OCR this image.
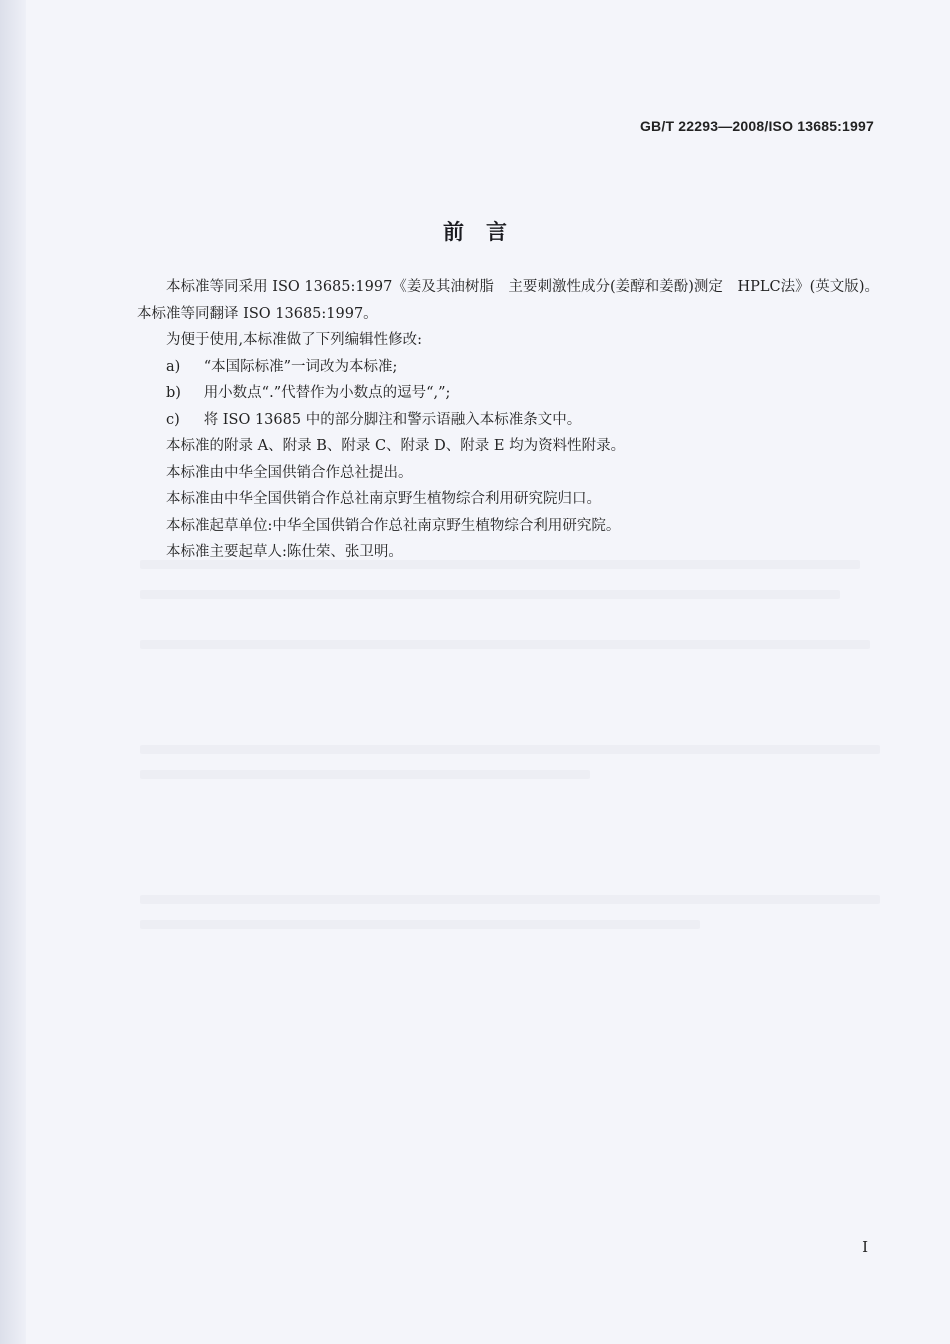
GB/T 22293—2008/ISO 13685:1997
前言

本标准等同采用 ISO 13685:1997《姜及其油树脂　主要刺激性成分(姜醇和姜酚)测定　HPLC法》(英文版)。本标准等同翻译 ISO 13685:1997。

为便于使用,本标准做了下列编辑性修改:

a) “本国际标准”一词改为本标准;

b) 用小数点“.”代替作为小数点的逗号“,”;

c) 将 ISO 13685 中的部分脚注和警示语融入本标准条文中。

本标准的附录 A、附录 B、附录 C、附录 D、附录 E 均为资料性附录。

本标准由中华全国供销合作总社提出。

本标准由中华全国供销合作总社南京野生植物综合利用研究院归口。

本标准起草单位:中华全国供销合作总社南京野生植物综合利用研究院。

本标准主要起草人:陈仕荣、张卫明。

I
